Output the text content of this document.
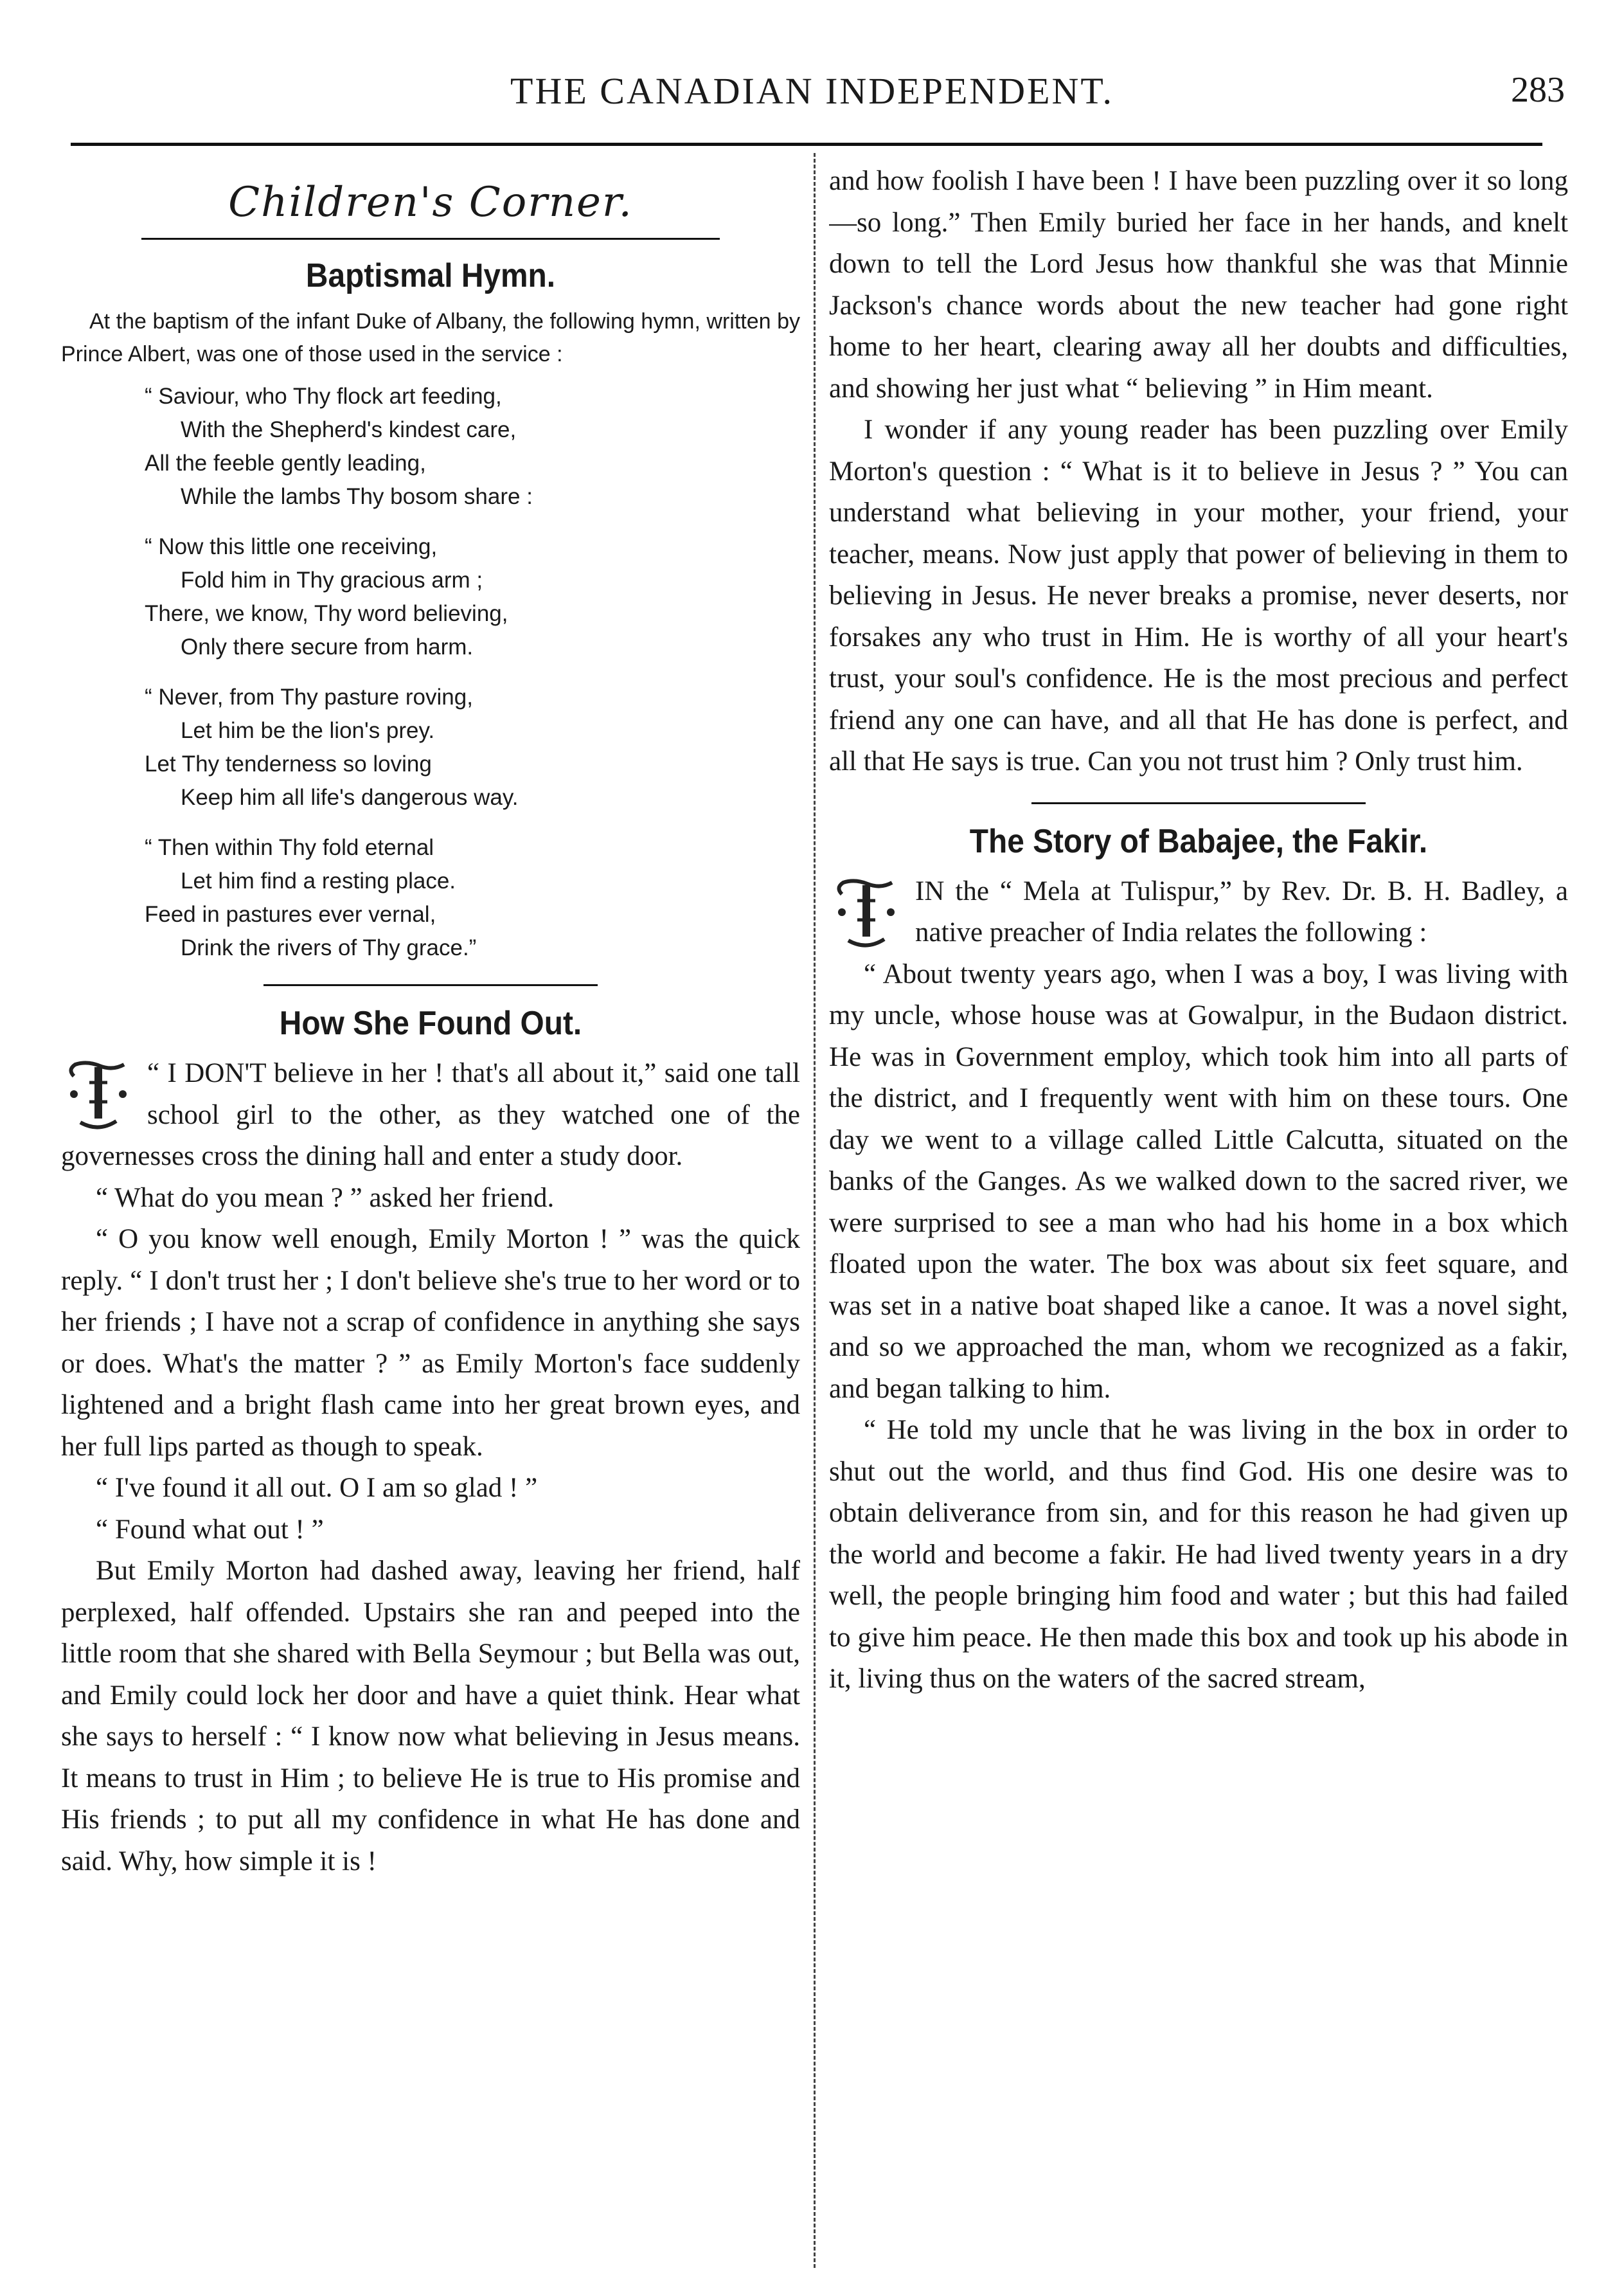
THE CANADIAN INDEPENDENT.	283
Children's Corner.
Baptismal Hymn.

At the baptism of the infant Duke of Albany, the following hymn, written by Prince Albert, was one of those used in the service :

“ Saviour, who Thy flock art feeding,
With the Shepherd's kindest care,
All the feeble gently leading,
While the lambs Thy bosom share :
“ Now this little one receiving,
Fold him in Thy gracious arm ;
There, we know, Thy word believing,
Only there secure from harm.
“ Never, from Thy pasture roving,
Let him be the lion's prey.
Let Thy tenderness so loving
Keep him all life's dangerous way.
“ Then within Thy fold eternal
Let him find a resting place.
Feed in pastures ever vernal,
Drink the rivers of Thy grace.”
How She Found Out.

“ I DON'T believe in her ! that's all about it,” said one tall school girl to the other, as they watched one of the governesses cross the dining hall and enter a study door.

“ What do you mean ? ” asked her friend.

“ O you know well enough, Emily Morton ! ” was the quick reply. “ I don't trust her ; I don't believe she's true to her word or to her friends ; I have not a scrap of confidence in anything she says or does. What's the matter ? ” as Emily Morton's face suddenly lightened and a bright flash came into her great brown eyes, and her full lips parted as though to speak.

“ I've found it all out. O I am so glad ! ”

“ Found what out ! ”

But Emily Morton had dashed away, leaving her friend, half perplexed, half offended. Upstairs she ran and peeped into the little room that she shared with Bella Seymour ; but Bella was out, and Emily could lock her door and have a quiet think. Hear what she says to herself : “ I know now what believing in Jesus means. It means to trust in Him ; to believe He is true to His promise and His friends ; to put all my confidence in what He has done and said. Why, how simple it is !

and how foolish I have been ! I have been puzzling over it so long—so long.” Then Emily buried her face in her hands, and knelt down to tell the Lord Jesus how thankful she was that Minnie Jackson's chance words about the new teacher had gone right home to her heart, clearing away all her doubts and difficulties, and showing her just what “ believing ” in Him meant.

I wonder if any young reader has been puzzling over Emily Morton's question : “ What is it to believe in Jesus ? ” You can understand what believing in your mother, your friend, your teacher, means. Now just apply that power of believing in them to believing in Jesus. He never breaks a promise, never deserts, nor forsakes any who trust in Him. He is worthy of all your heart's trust, your soul's confidence. He is the most precious and perfect friend any one can have, and all that He has done is perfect, and all that He says is true. Can you not trust him ? Only trust him.

The Story of Babajee, the Fakir.

IN the “ Mela at Tulispur,” by Rev. Dr. B. H. Badley, a native preacher of India relates the following :

“ About twenty years ago, when I was a boy, I was living with my uncle, whose house was at Gowalpur, in the Budaon district. He was in Government employ, which took him into all parts of the district, and I frequently went with him on these tours. One day we went to a village called Little Calcutta, situated on the banks of the Ganges. As we walked down to the sacred river, we were surprised to see a man who had his home in a box which floated upon the water. The box was about six feet square, and was set in a native boat shaped like a canoe. It was a novel sight, and so we approached the man, whom we recognized as a fakir, and began talking to him.

“ He told my uncle that he was living in the box in order to shut out the world, and thus find God. His one desire was to obtain deliverance from sin, and for this reason he had given up the world and become a fakir. He had lived twenty years in a dry well, the people bringing him food and water ; but this had failed to give him peace. He then made this box and took up his abode in it, living thus on the waters of the sacred stream,
